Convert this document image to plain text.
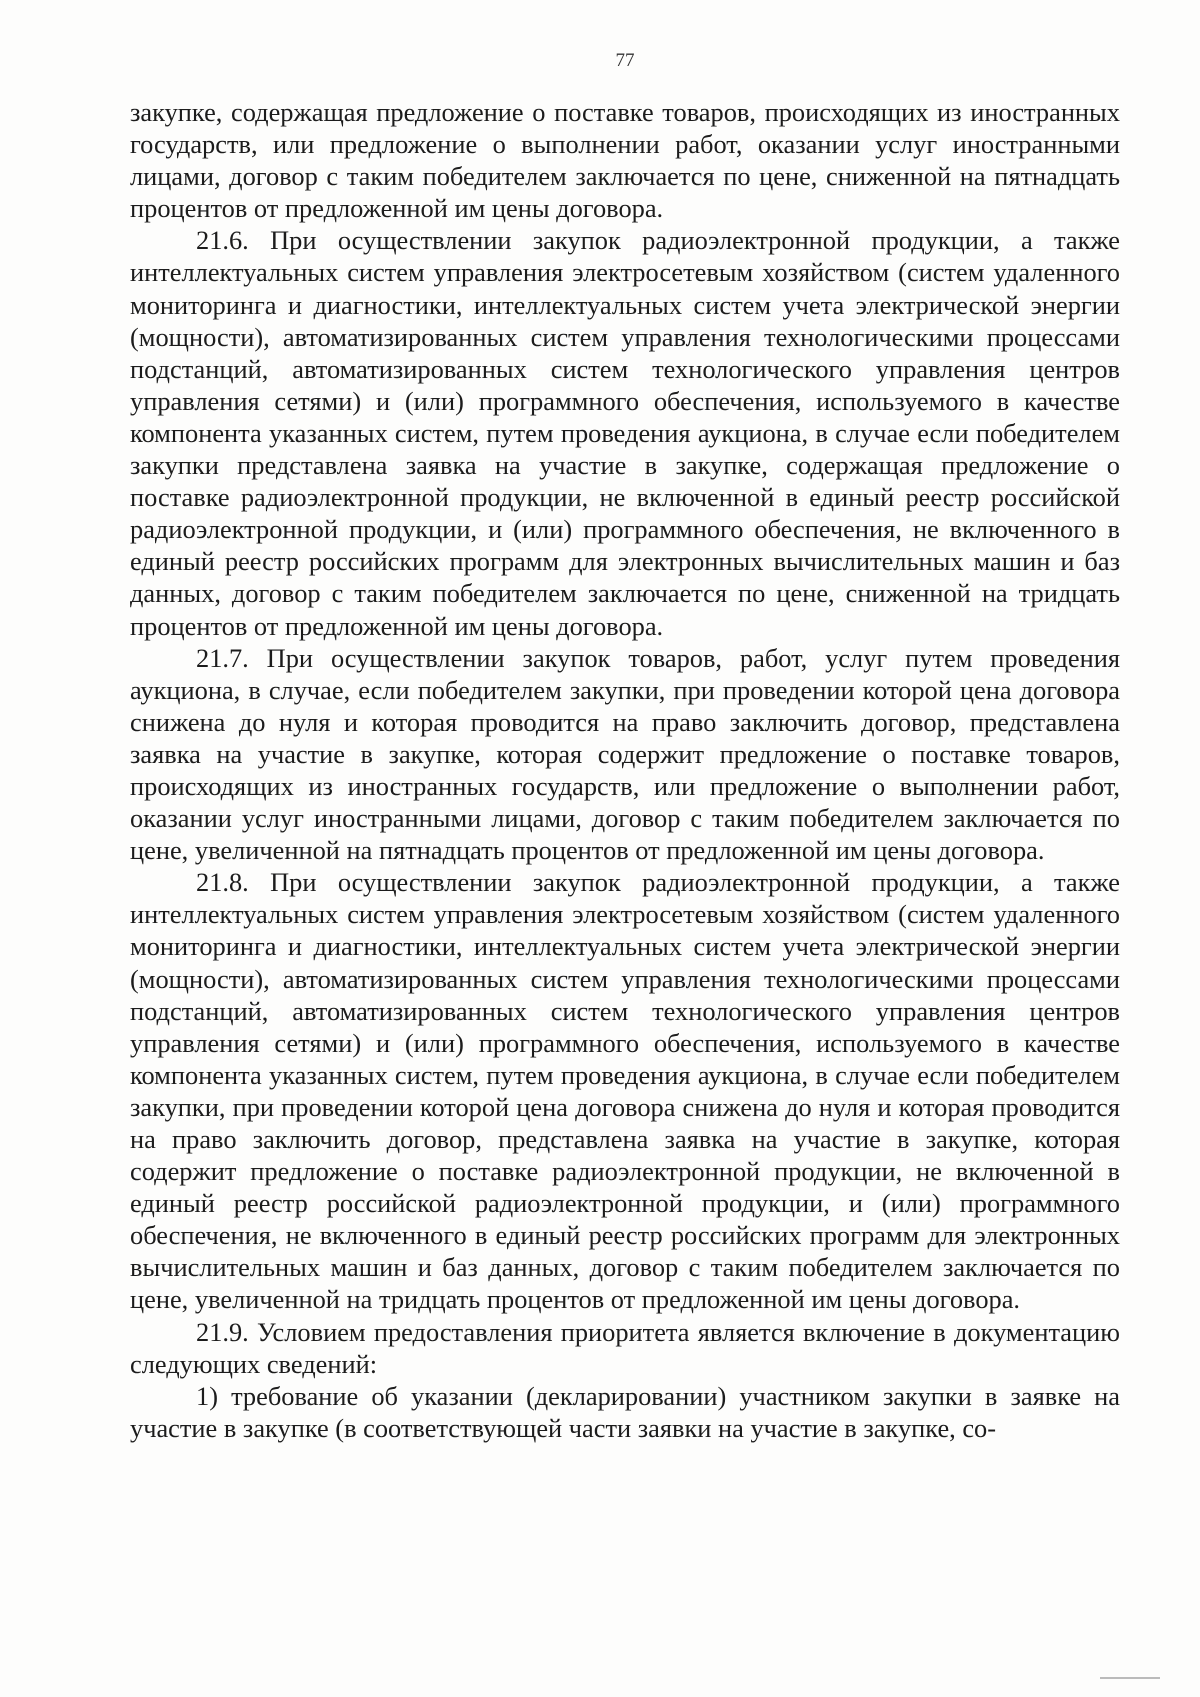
77

закупке, содержащая предложение о поставке товаров, происходящих из иностранных государств, или предложение о выполнении работ, оказании услуг иностранными лицами, договор с таким победителем заключается по цене, сниженной на пятнадцать процентов от предложенной им цены договора.

21.6. При осуществлении закупок радиоэлектронной продукции, а также интеллектуальных систем управления электросетевым хозяйством (систем удаленного мониторинга и диагностики, интеллектуальных систем учета электрической энергии (мощности), автоматизированных систем управления технологическими процессами подстанций, автоматизированных систем технологического управления центров управления сетями) и (или) программного обеспечения, используемого в качестве компонента указанных систем, путем проведения аукциона, в случае если победителем закупки представлена заявка на участие в закупке, содержащая предложение о поставке радиоэлектронной продукции, не включенной в единый реестр российской радиоэлектронной продукции, и (или) программного обеспечения, не включенного в единый реестр российских программ для электронных вычислительных машин и баз данных, договор с таким победителем заключается по цене, сниженной на тридцать процентов от предложенной им цены договора.

21.7. При осуществлении закупок товаров, работ, услуг путем проведения аукциона, в случае, если победителем закупки, при проведении которой цена договора снижена до нуля и которая проводится на право заключить договор, представлена заявка на участие в закупке, которая содержит предложение о поставке товаров, происходящих из иностранных государств, или предложение о выполнении работ, оказании услуг иностранными лицами, договор с таким победителем заключается по цене, увеличенной на пятнадцать процентов от предложенной им цены договора.

21.8. При осуществлении закупок радиоэлектронной продукции, а также интеллектуальных систем управления электросетевым хозяйством (систем удаленного мониторинга и диагностики, интеллектуальных систем учета электрической энергии (мощности), автоматизированных систем управления технологическими процессами подстанций, автоматизированных систем технологического управления центров управления сетями) и (или) программного обеспечения, используемого в качестве компонента указанных систем, путем проведения аукциона, в случае если победителем закупки, при проведении которой цена договора снижена до нуля и которая проводится на право заключить договор, представлена заявка на участие в закупке, которая содержит предложение о поставке радиоэлектронной продукции, не включенной в единый реестр российской радиоэлектронной продукции, и (или) программного обеспечения, не включенного в единый реестр российских программ для электронных вычислительных машин и баз данных, договор с таким победителем заключается по цене, увеличенной на тридцать процентов от предложенной им цены договора.

21.9. Условием предоставления приоритета является включение в документацию следующих сведений:

1) требование об указании (декларировании) участником закупки в заявке на участие в закупке (в соответствующей части заявки на участие в закупке, со-
